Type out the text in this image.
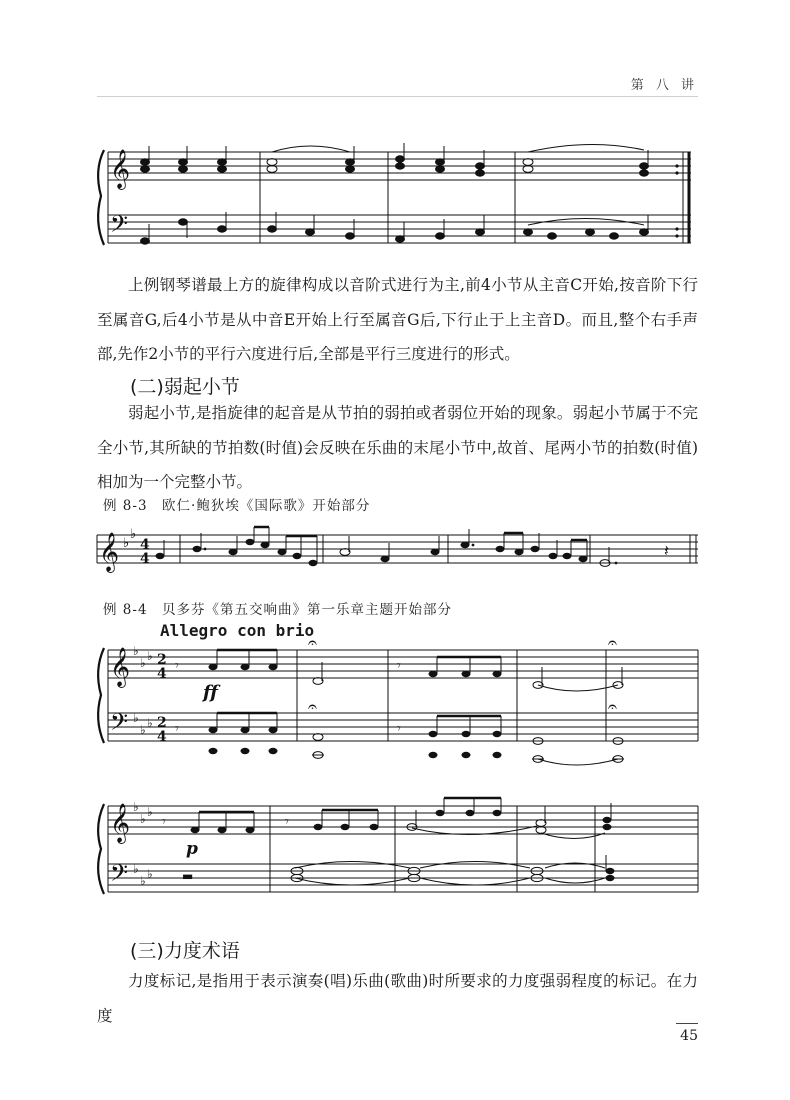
第 八 讲
𝄞
𝄢

上例钢琴谱最上方的旋律构成以音阶式进行为主,前4小节从主音C开始,按音阶下行至属音G,后4小节是从中音E开始上行至属音G后,下行止于上主音D。而且,整个右手声部,先作2小节的平行六度进行后,全部是平行三度进行的形式。

(二)弱起小节

弱起小节,是指旋律的起音是从节拍的弱拍或者弱位开始的现象。弱起小节属于不完全小节,其所缺的节拍数(时值)会反映在乐曲的末尾小节中,故首、尾两小节的拍数(时值)相加为一个完整小节。

例 8-3　欧仁·鲍狄埃《国际歌》开始部分
𝄞 ♭
♭
4
4	𝄽
例 8-4　贝多芬《第五交响曲》第一乐章主题开始部分
Allegro con brio
𝄞
𝄢
♭
♭ ♭
♭
♭ ♭
2
4
2
4
𝄾
𝄾
𝄾
𝄾
𝄐	𝄐
𝄐	𝄐
ff
𝄞
𝄢
♭
♭ ♭
♭
♭ ♭
𝄾	𝄾
▬
p
(三)力度术语

力度标记,是指用于表示演奏(唱)乐曲(歌曲)时所要求的力度强弱程度的标记。在力度

45
